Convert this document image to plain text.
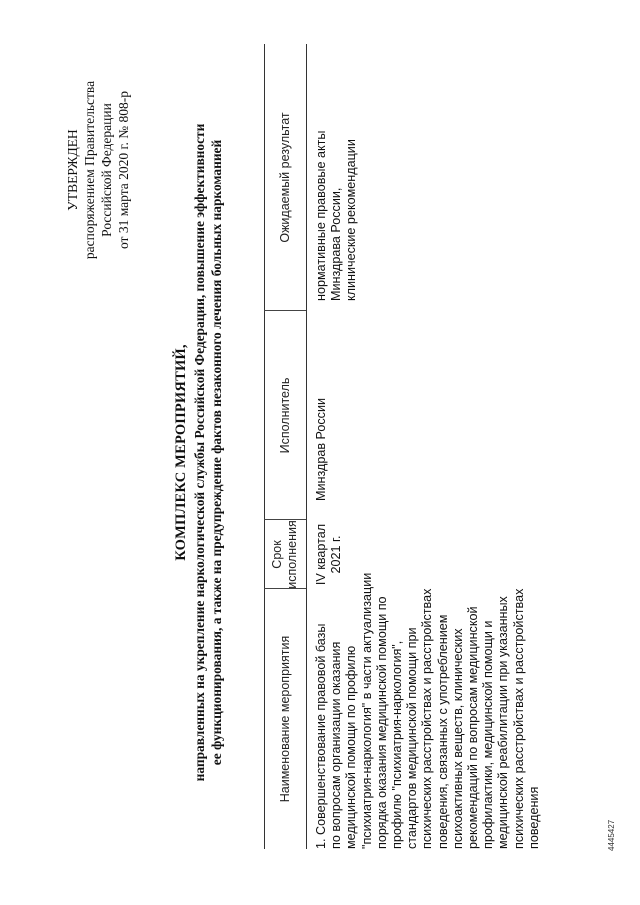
УТВЕРЖДЕН распоряжением Правительства Российской Федерации от 31 марта 2020 г. № 808-р
КОМПЛЕКС МЕРОПРИЯТИЙ, направленных на укрепление наркологической службы Российской Федерации, повышение эффективности ее функционирования, а также на предупреждение фактов незаконного лечения больных наркоманией	Наименование мероприятия
Срок исполнения
Исполнитель
Ожидаемый результат
1. Совершенствование правовой базы по вопросам организации оказания медицинской помощи по профилю "психиатрия-наркология" в части актуализации порядка оказания медицинской помощи по профилю "психиатрия-наркология", стандартов медицинской помощи при психических расстройствах и расстройствах поведения, связанных с употреблением психоактивных веществ, клинических рекомендаций по вопросам медицинской профилактики, медицинской помощи и медицинской реабилитации при указанных психических расстройствах и расстройствах поведения
IV квартал 2021 г.
Минздрав России
нормативные правовые акты Минздрава России, клинические рекомендации
4445427
